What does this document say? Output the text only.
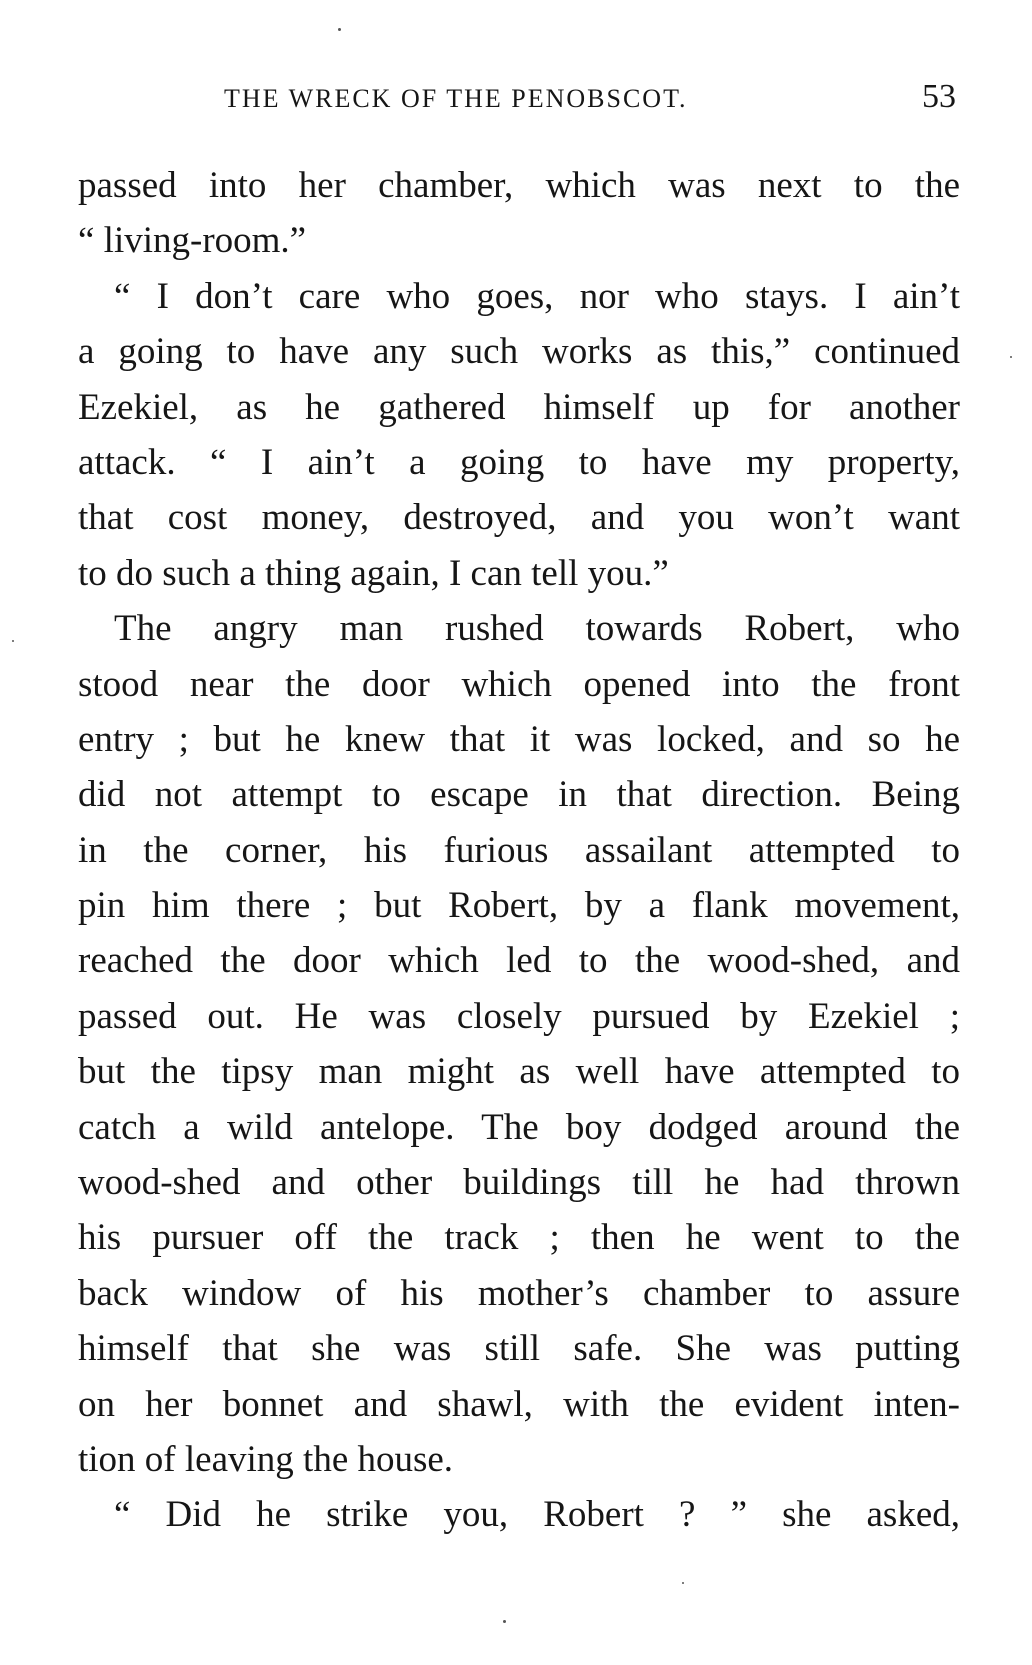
THE WRECK OF THE PENOBSCOT.	53
passed into her chamber, which was next to the
“ living-room.”
“ I don’t care who goes, nor who stays. I ain’t
a going to have any such works as this,” continued
Ezekiel, as he gathered himself up for another
attack. “ I ain’t a going to have my property,
that cost money, destroyed, and you won’t want
to do such a thing again, I can tell you.”
The angry man rushed towards Robert, who
stood near the door which opened into the front
entry ; but he knew that it was locked, and so he
did not attempt to escape in that direction. Being
in the corner, his furious assailant attempted to
pin him there ; but Robert, by a flank movement,
reached the door which led to the wood-shed, and
passed out. He was closely pursued by Ezekiel ;
but the tipsy man might as well have attempted to
catch a wild antelope. The boy dodged around the
wood-shed and other buildings till he had thrown
his pursuer off the track ; then he went to the
back window of his mother’s chamber to assure
himself that she was still safe. She was putting
on her bonnet and shawl, with the evident inten-
tion of leaving the house.
“ Did he strike you, Robert ? ” she asked,
